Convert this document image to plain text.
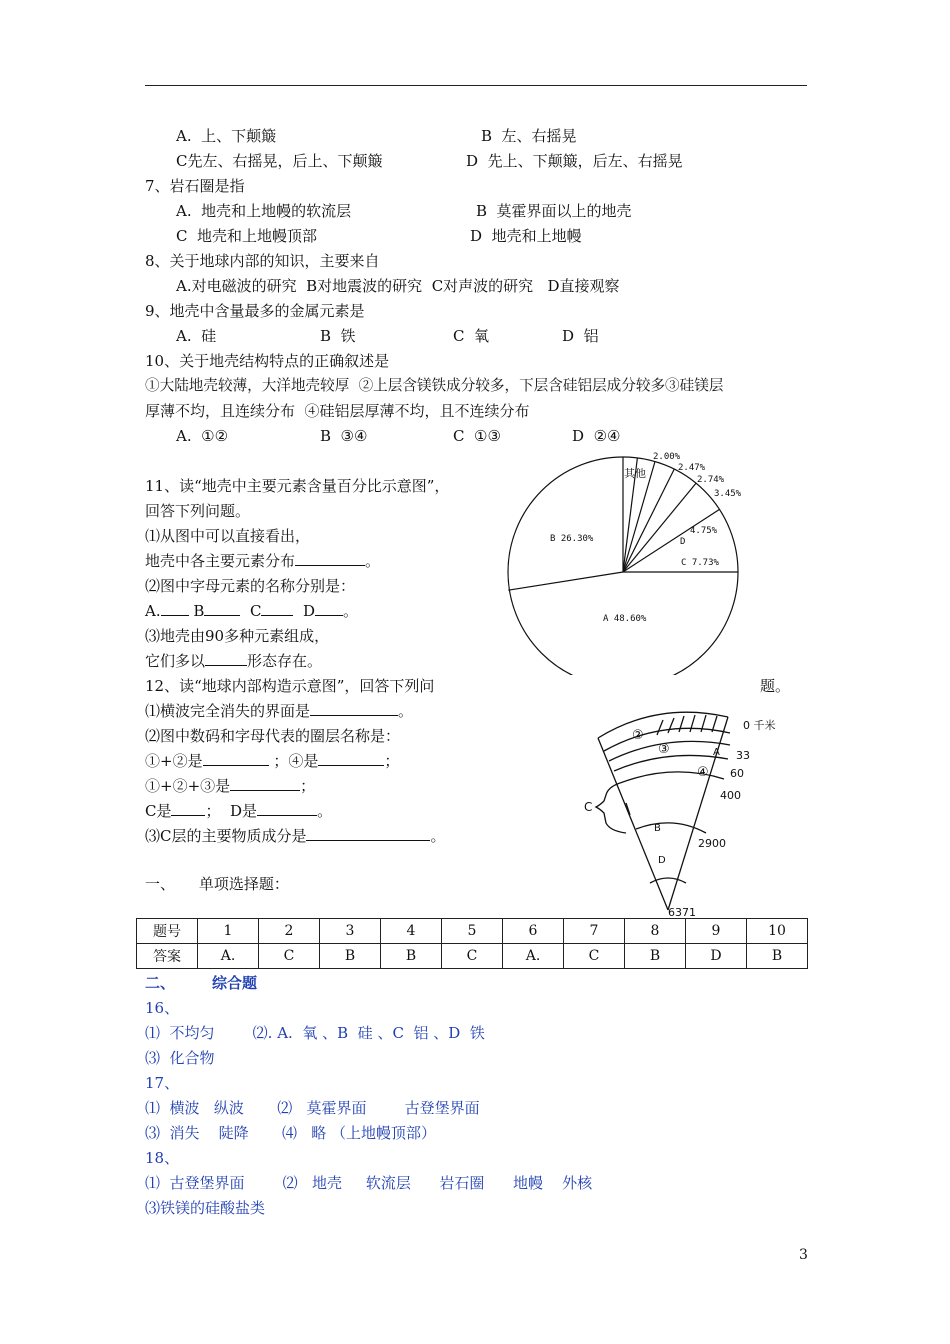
A.  上、下颠簸	B  左、右摇晃
C先左、右摇晃，后上、下颠簸	D  先上、下颠簸，后左、右摇晃
7、岩石圈是指
A.  地壳和上地幔的软流层	B  莫霍界面以上的地壳
C  地壳和上地幔顶部	D  地壳和上地幔
8、关于地球内部的知识，主要来自
A.对电磁波的研究  B对地震波的研究  C对声波的研究   D直接观察
9、地壳中含量最多的金属元素是
A.  硅	B  铁	C  氧	D  铝
10、关于地壳结构特点的正确叙述是
①大陆地壳较薄，大洋地壳较厚  ②上层含镁铁成分较多，下层含硅铝层成分较多③硅镁层
厚薄不均，且连续分布  ④硅铝层厚薄不均，且不连续分布
A.  ①②	B  ③④	C  ①③	D  ②④
11、读“地壳中主要元素含量百分比示意图”，
回答下列问题。
⑴从图中可以直接看出，
地壳中各主要元素分布	。
⑵图中字母元素的名称分别是：
A. B	C	D 。
⑶地壳由90多种元素组成，
它们多以	形态存在。
其他
2.00%
2.47%
2.74%
3.45%
4.75%
D
C 7.73%
B 26.30%
A 48.60%
12、读“地球内部构造示意图”，回答下列问	题。
⑴横波完全消失的界面是	。
⑵图中数码和字母代表的圈层名称是：
①+②是	；④是	；
①+②+③是	；
C是 ；  D是	。
⑶C层的主要物质成分是	。
0 千米
②
③	A 33
④ 60
400
C
B
2900
D
6371
一、     单项选择题：
题号	1	2	3	4	5	6	7	8	9	10
答案	A.	C	B	B	C	A.	C	B	D	B
二、 综合题
16、
⑴  不均匀        ⑵. A.  氧 、B  硅 、C  铝 、D  铁
⑶  化合物
17、
⑴  横波   纵波       ⑵   莫霍界面        古登堡界面
⑶  消失    陡降       ⑷   略 （上地幔顶部）
18、
⑴  古登堡界面        ⑵   地壳     软流层      岩石圈      地幔    外核
⑶铁镁的硅酸盐类
3
